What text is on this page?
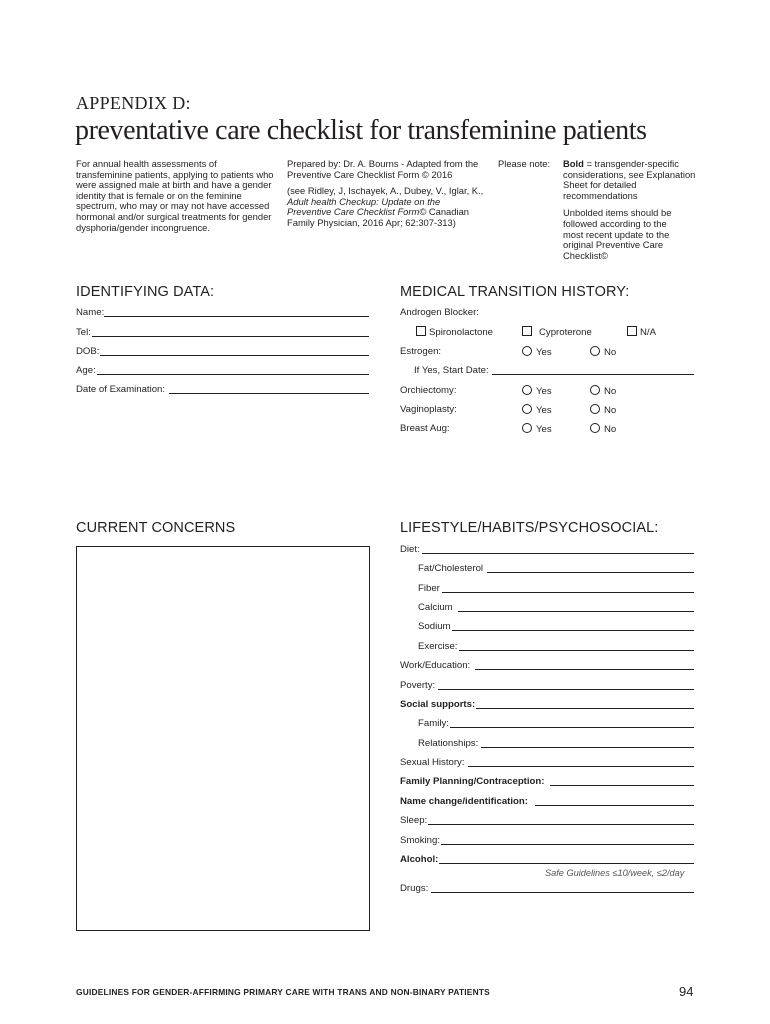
APPENDIX D:
preventative care checklist for transfeminine patients

For annual health assessments of transfeminine patients, applying to patients who were assigned male at birth and have a gender identity that is female or on the feminine spectrum, who may or may not have accessed hormonal and/or surgical treatments for gender dysphoria/gender incongruence.

Prepared by: Dr. A. Bourns - Adapted from the Preventive Care Checklist Form © 2016

(see Ridley, J, Ischayek, A., Dubey, V., Iglar, K., Adult health Checkup: Update on the Preventive Care Checklist Form© Canadian Family Physician, 2016 Apr; 62:307-313)

Please note:	Bold = transgender-specific considerations, see Explanation Sheet for detailed recommendations

Unbolded items should be followed according to the most recent update to the original Preventive Care Checklist©

IDENTIFYING DATA:
Name:
Tel:
DOB:
Age:
Date of Examination:
MEDICAL TRANSITION HISTORY:
Androgen Blocker:
Spironolactone	Cyproterone	N/A
Estrogen:	Yes	No
If Yes, Start Date:
Orchiectomy:	Yes	No
Vaginoplasty:	Yes	No
Breast Aug:	Yes	No
CURRENT CONCERNS	LIFESTYLE/HABITS/PSYCHOSOCIAL:
Diet:
Fat/Cholesterol
Fiber
Calcium
Sodium
Exercise:
Work/Education:
Poverty:
Social supports:
Family:
Relationships:
Sexual History:
Family Planning/Contraception:
Name change/identification:
Sleep:
Smoking:
Alcohol:
Safe Guidelines ≤10/week, ≤2/day
Drugs:
GUIDELINES FOR GENDER-AFFIRMING PRIMARY CARE WITH TRANS AND NON-BINARY PATIENTS	94
